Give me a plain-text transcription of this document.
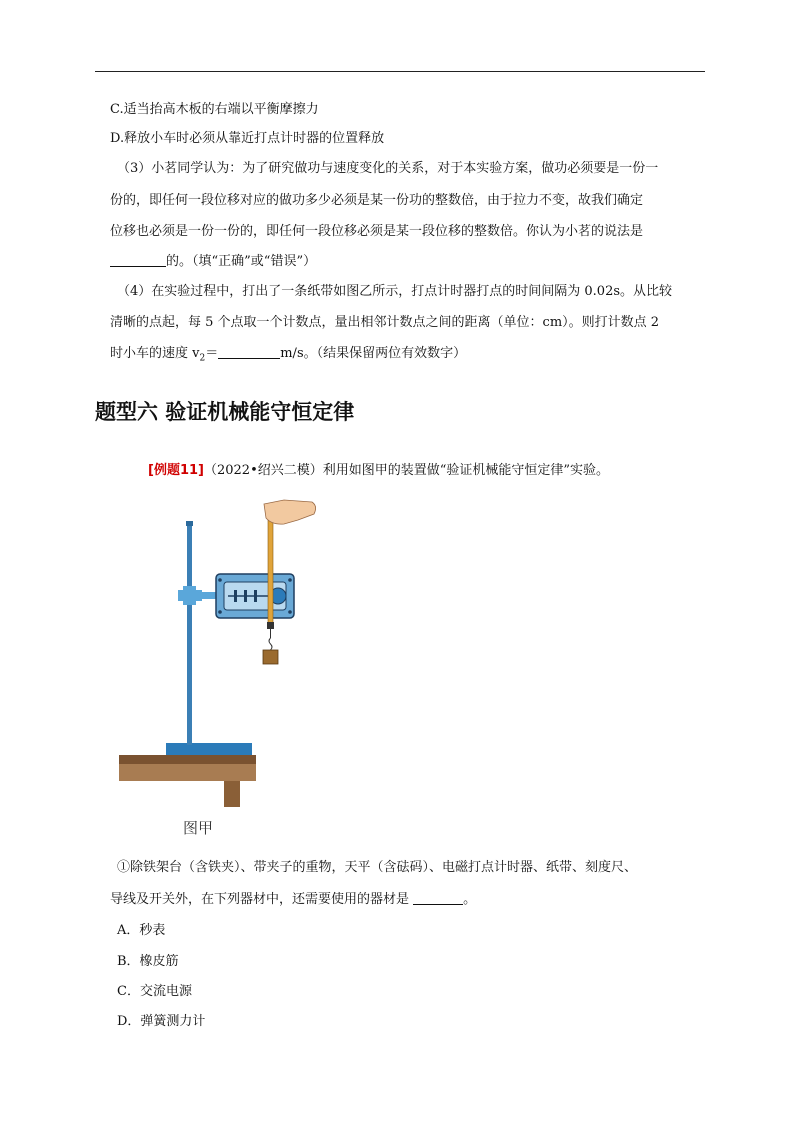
C.适当抬高木板的右端以平衡摩擦力
D.释放小车时必须从靠近打点计时器的位置释放
（3）小茗同学认为：为了研究做功与速度变化的关系，对于本实验方案，做功必须要是一份一
份的，即任何一段位移对应的做功多少必须是某一份功的整数倍，由于拉力不变，故我们确定
位移也必须是一份一份的，即任何一段位移必须是某一段位移的整数倍。你认为小茗的说法是
的。（填“正确”或“错误”）
（4）在实验过程中，打出了一条纸带如图乙所示，打点计时器打点的时间间隔为 0.02s。从比较
清晰的点起，每 5 个点取一个计数点，量出相邻计数点之间的距离（单位：cm）。则打计数点 2
时小车的速度 $v_2=$	m/s。（结果保留两位有效数字）
题型六 验证机械能守恒定律
[例题11]（2022•绍兴二模）利用如图甲的装置做“验证机械能守恒定律”实验。
图甲
①除铁架台（含铁夹）、带夹子的重物，天平（含砝码）、电磁打点计时器、纸带、刻度尺、
导线及开关外，在下列器材中，还需要使用的器材是	。
A．秒表
B．橡皮筋
C．交流电源
D．弹簧测力计
